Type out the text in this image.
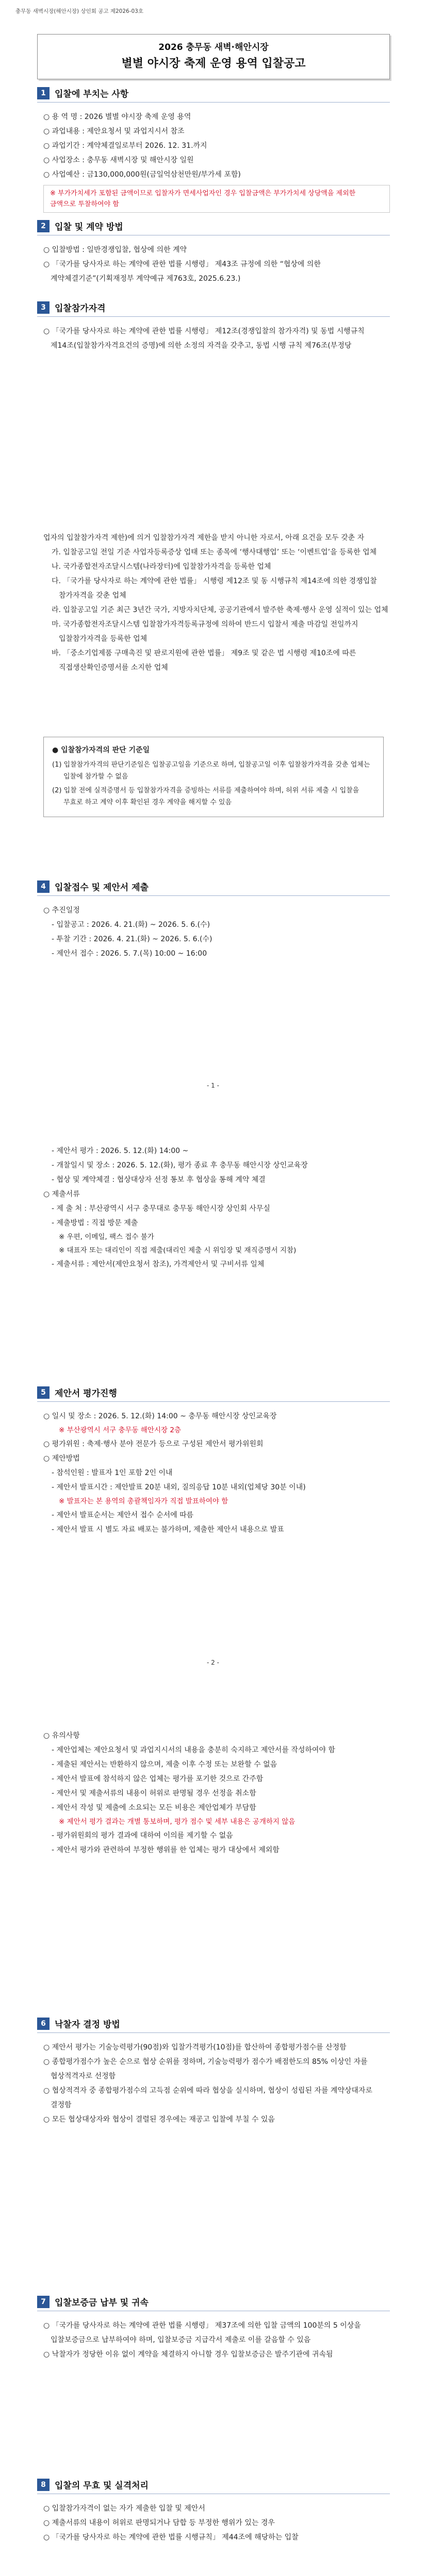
충무동 새벽시장(해안시장) 상인회 공고 제2026-03호
2026 충무동 새벽·해안시장
별별 야시장 축제 운영 용역 입찰공고
1	입찰에 부치는 사항

○ 용 역 명 : 2026 별별 야시장 축제 운영 용역

○ 과업내용 : 제안요청서 및 과업지시서 참조

○ 과업기간 : 계약체결일로부터 2026. 12. 31.까지

○ 사업장소 : 충무동 새벽시장 및 해안시장 일원

○ 사업예산 : 금130,000,000원(금일억삼천만원/부가세 포함)

※ 부가가치세가 포함된 금액이므로 입찰자가 면세사업자인 경우 입찰금액은 부가가치세 상당액을 제외한 금액으로 투찰하여야 함
2	입찰 및 계약 방법

○ 입찰방법 : 일반경쟁입찰, 협상에 의한 계약

○ 「국가를 당사자로 하는 계약에 관한 법률 시행령」 제43조 규정에 의한 “협상에 의한 계약체결기준”(기획재정부 계약예규 제763호, 2025.6.23.)

3	입찰참가자격

○ 「국가를 당사자로 하는 계약에 관한 법률 시행령」 제12조(경쟁입찰의 참가자격) 및 동법 시행규칙 제14조(입찰참가자격요건의 증명)에 의한 소정의 자격을 갖추고, 동법 시행 규칙 제76조(부정당

업자의 입찰참가자격 제한)에 의거 입찰참가자격 제한을 받지 아니한 자로서, 아래 요건을 모두 갖춘 자

가. 입찰공고일 전일 기준 사업자등록증상 업태 또는 종목에 ‘행사대행업’ 또는 ‘이벤트업’을 등록한 업체

나. 국가종합전자조달시스템(나라장터)에 입찰참가자격을 등록한 업체

다. 「국가를 당사자로 하는 계약에 관한 법률」 시행령 제12조 및 동 시행규칙 제14조에 의한 경쟁입찰 참가자격을 갖춘 업체

라. 입찰공고일 기준 최근 3년간 국가, 지방자치단체, 공공기관에서 발주한 축제·행사 운영 실적이 있는 업체

마. 국가종합전자조달시스템 입찰참가자격등록규정에 의하여 반드시 입찰서 제출 마감일 전일까지 입찰참가자격을 등록한 업체

바. 「중소기업제품 구매촉진 및 판로지원에 관한 법률」 제9조 및 같은 법 시행령 제10조에 따른 직접생산확인증명서를 소지한 업체

● 입찰참가자격의 판단 기준일

(1) 입찰참가자격의 판단기준일은 입찰공고일을 기준으로 하며, 입찰공고일 이후 입찰참가자격을 갖춘 업체는 입찰에 참가할 수 없음

(2) 입찰 전에 실적증명서 등 입찰참가자격을 증빙하는 서류를 제출하여야 하며, 허위 서류 제출 시 입찰을 무효로 하고 계약 이후 확인된 경우 계약을 해지할 수 있음

4	입찰접수 및 제안서 제출

○ 추진일정

- 입찰공고 : 2026. 4. 21.(화) ~ 2026. 5. 6.(수)

- 투찰 기간 : 2026. 4. 21.(화) ~ 2026. 5. 6.(수)

- 제안서 접수 : 2026. 5. 7.(목) 10:00 ~ 16:00

- 1 -

- 제안서 평가 : 2026. 5. 12.(화) 14:00 ~

- 개찰일시 및 장소 : 2026. 5. 12.(화), 평가 종료 후 충무동 해안시장 상인교육장

- 협상 및 계약체결 : 협상대상자 선정 통보 후 협상을 통해 계약 체결

○ 제출서류

- 제 출 처 : 부산광역시 서구 충무대로 충무동 해안시장 상인회 사무실

- 제출방법 : 직접 방문 제출

※ 우편, 이메일, 팩스 접수 불가

※ 대표자 또는 대리인이 직접 제출(대리인 제출 시 위임장 및 재직증명서 지참)

- 제출서류 : 제안서(제안요청서 참조), 가격제안서 및 구비서류 일체

5	제안서 평가진행

○ 일시 및 장소 : 2026. 5. 12.(화) 14:00 ~ 충무동 해안시장 상인교육장

※ 부산광역시 서구 충무동 해안시장 2층

○ 평가위원 : 축제·행사 분야 전문가 등으로 구성된 제안서 평가위원회

○ 제안방법

- 참석인원 : 발표자 1인 포함 2인 이내

- 제안서 발표시간 : 제안발표 20분 내외, 질의응답 10분 내외(업체당 30분 이내)

※ 발표자는 본 용역의 총괄책임자가 직접 발표하여야 함

- 제안서 발표순서는 제안서 접수 순서에 따름

- 제안서 발표 시 별도 자료 배포는 불가하며, 제출한 제안서 내용으로 발표

- 2 -

○ 유의사항

- 제안업체는 제안요청서 및 과업지시서의 내용을 충분히 숙지하고 제안서를 작성하여야 함

- 제출된 제안서는 반환하지 않으며, 제출 이후 수정 또는 보완할 수 없음

- 제안서 발표에 참석하지 않은 업체는 평가를 포기한 것으로 간주함

- 제안서 및 제출서류의 내용이 허위로 판명될 경우 선정을 취소함

- 제안서 작성 및 제출에 소요되는 모든 비용은 제안업체가 부담함

※ 제안서 평가 결과는 개별 통보하며, 평가 점수 및 세부 내용은 공개하지 않음

- 평가위원회의 평가 결과에 대하여 이의를 제기할 수 없음

- 제안서 평가와 관련하여 부정한 행위를 한 업체는 평가 대상에서 제외함

6	낙찰자 결정 방법

○ 제안서 평가는 기술능력평가(90점)와 입찰가격평가(10점)를 합산하여 종합평가점수를 산정함

○ 종합평가점수가 높은 순으로 협상 순위를 정하며, 기술능력평가 점수가 배점한도의 85% 이상인 자를 협상적격자로 선정함

○ 협상적격자 중 종합평가점수의 고득점 순위에 따라 협상을 실시하며, 협상이 성립된 자를 계약상대자로 결정함

○ 모든 협상대상자와 협상이 결렬된 경우에는 재공고 입찰에 부칠 수 있음

7	입찰보증금 납부 및 귀속

○ 「국가를 당사자로 하는 계약에 관한 법률 시행령」 제37조에 의한 입찰 금액의 100분의 5 이상을 입찰보증금으로 납부하여야 하며, 입찰보증금 지급각서 제출로 이를 갈음할 수 있음

○ 낙찰자가 정당한 이유 없이 계약을 체결하지 아니할 경우 입찰보증금은 발주기관에 귀속됨

8	입찰의 무효 및 실격처리

○ 입찰참가자격이 없는 자가 제출한 입찰 및 제안서

○ 제출서류의 내용이 허위로 판명되거나 담합 등 부정한 행위가 있는 경우

○ 「국가를 당사자로 하는 계약에 관한 법률 시행규칙」 제44조에 해당하는 입찰
